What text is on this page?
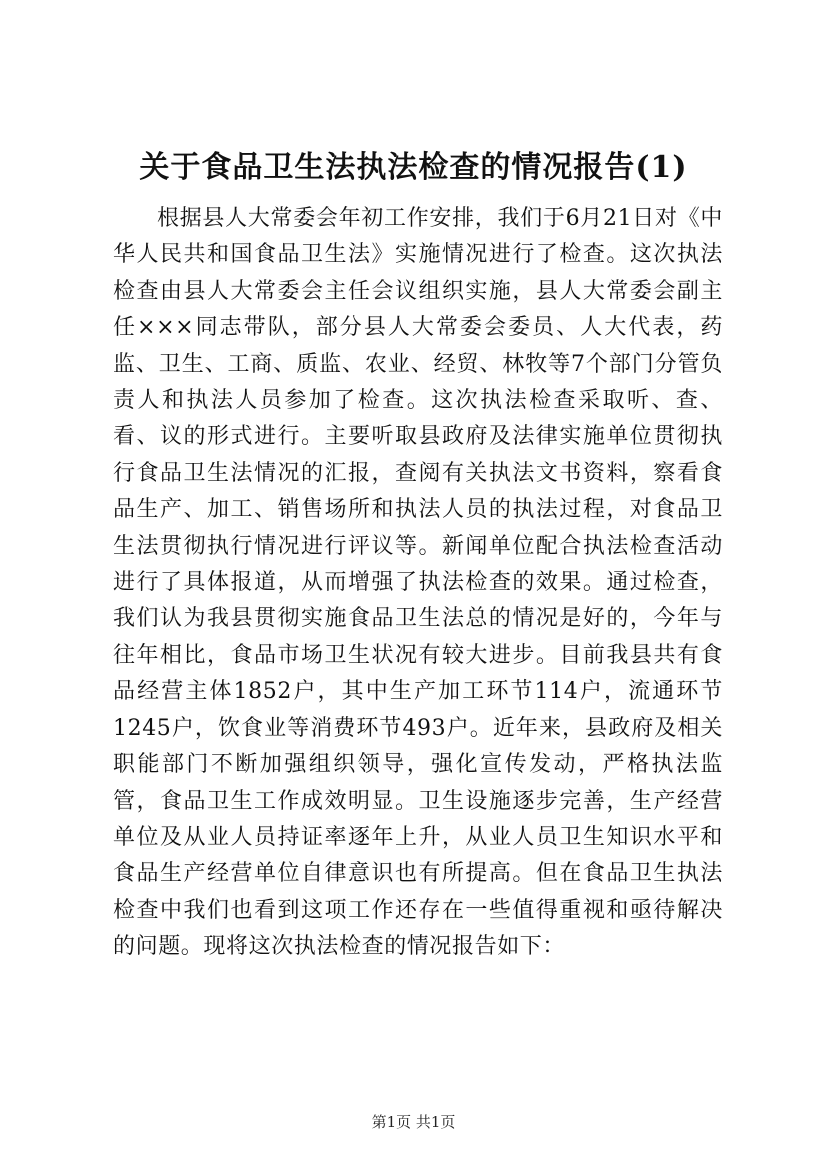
关于食品卫生法执法检查的情况报告(1)

根据县人大常委会年初工作安排，我们于6月21日对《中华人民共和国食品卫生法》实施情况进行了检查。这次执法检查由县人大常委会主任会议组织实施，县人大常委会副主任×××同志带队，部分县人大常委会委员、人大代表，药监、卫生、工商、质监、农业、经贸、林牧等7个部门分管负责人和执法人员参加了检查。这次执法检查采取听、查、看、议的形式进行。主要听取县政府及法律实施单位贯彻执行食品卫生法情况的汇报，查阅有关执法文书资料，察看食品生产、加工、销售场所和执法人员的执法过程，对食品卫生法贯彻执行情况进行评议等。新闻单位配合执法检查活动进行了具体报道，从而增强了执法检查的效果。通过检查，我们认为我县贯彻实施食品卫生法总的情况是好的，今年与往年相比，食品市场卫生状况有较大进步。目前我县共有食品经营主体1852户，其中生产加工环节114户，流通环节1245户，饮食业等消费环节493户。近年来，县政府及相关职能部门不断加强组织领导，强化宣传发动，严格执法监管，食品卫生工作成效明显。卫生设施逐步完善，生产经营单位及从业人员持证率逐年上升，从业人员卫生知识水平和食品生产经营单位自律意识也有所提高。但在食品卫生执法检查中我们也看到这项工作还存在一些值得重视和亟待解决的问题。现将这次执法检查的情况报告如下：

第1页 共1页
